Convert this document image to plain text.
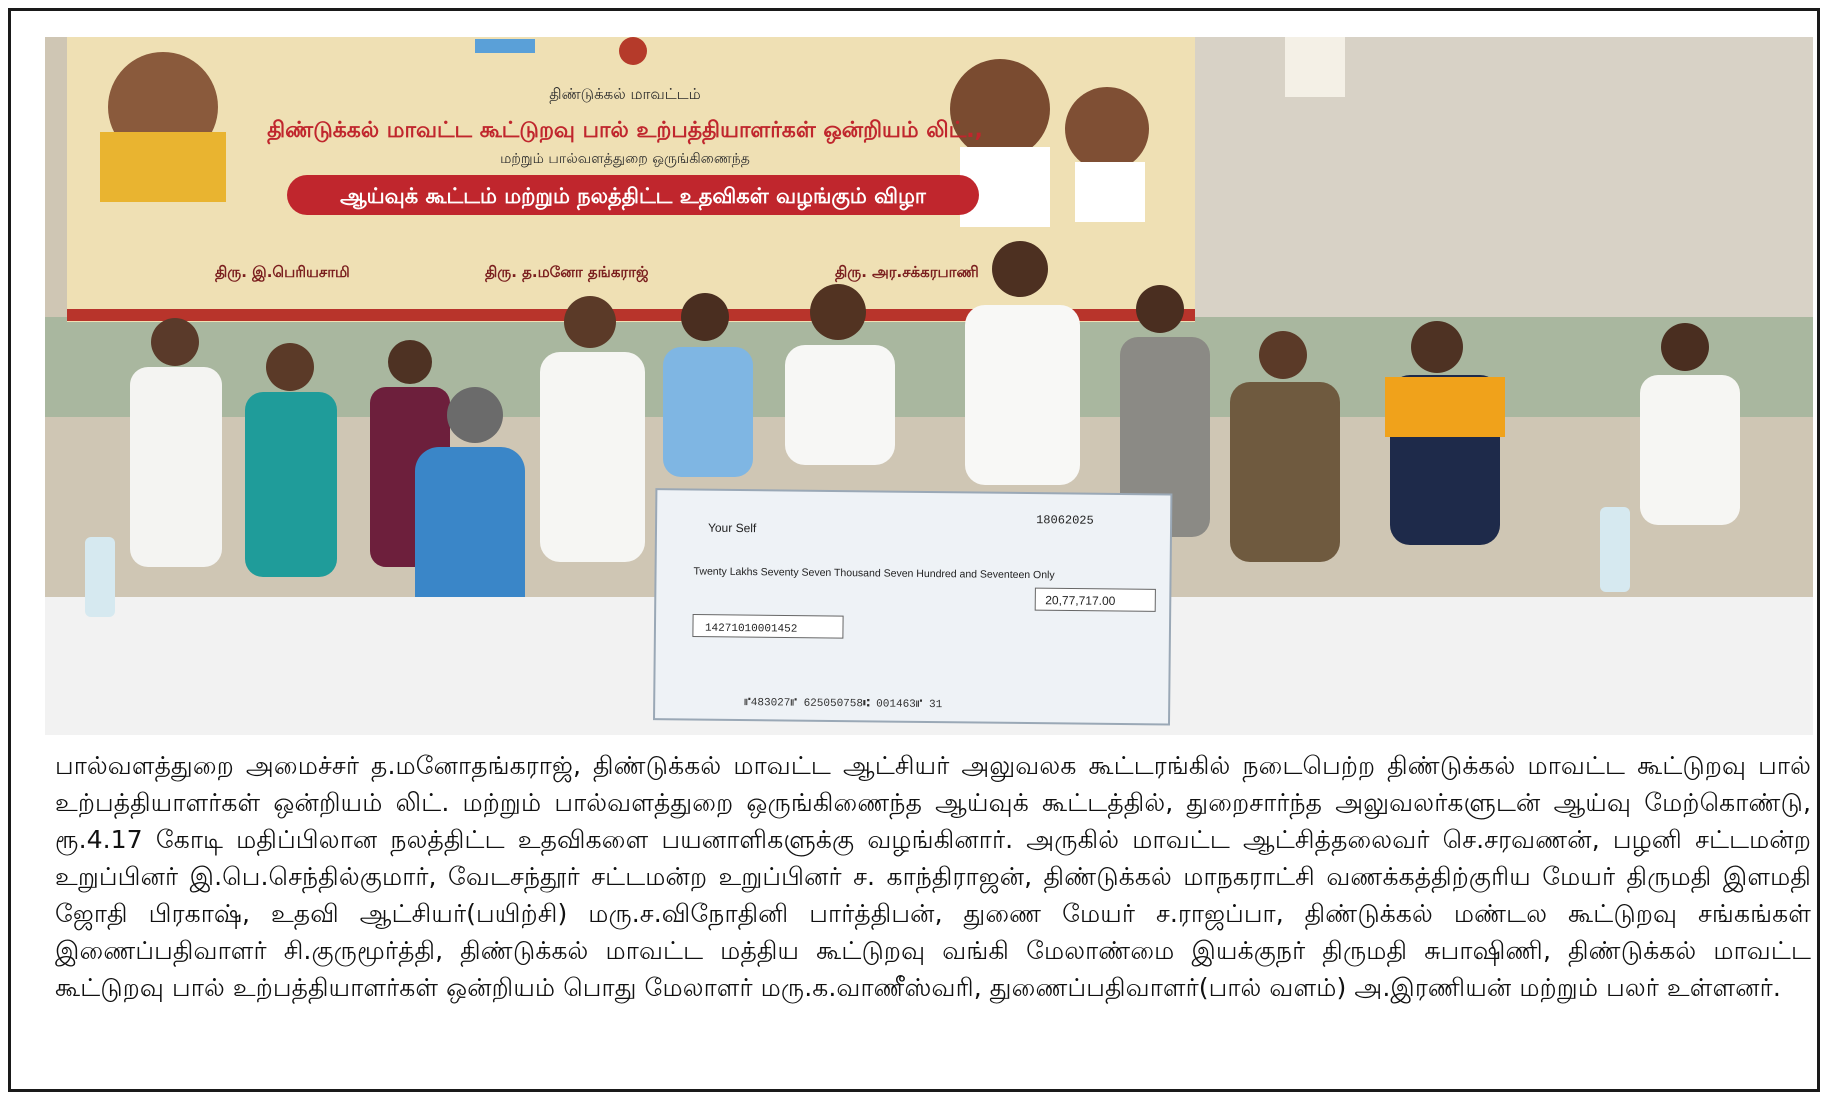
திண்டுக்கல் மாவட்டம்
திண்டுக்கல் மாவட்ட கூட்டுறவு பால் உற்பத்தியாளர்கள் ஒன்றியம் லிட்.,
மற்றும் பால்வளத்துறை ஒருங்கிணைந்த
ஆய்வுக் கூட்டம் மற்றும் நலத்திட்ட உதவிகள் வழங்கும் விழா
திரு. இ.பெரியசாமி	திரு. த.மனோ தங்கராஜ்	திரு. அர.சக்கரபாணி
Your Self
18062025
Twenty Lakhs Seventy Seven Thousand Seven Hundred and Seventeen Only
20,77,717.00
14271010001452
⑈483027⑈ 625050758⑆ 001463⑈ 31

பால்வளத்துறை அமைச்சர் த.மனோதங்கராஜ், திண்டுக்கல் மாவட்ட ஆட்சியர் அலுவலக கூட்டரங்கில் நடைபெற்ற திண்டுக்கல் மாவட்ட கூட்டுறவு பால் உற்பத்தியாளர்கள் ஒன்றியம் லிட். மற்றும் பால்வளத்துறை ஒருங்கிணைந்த ஆய்வுக் கூட்டத்தில், துறைசார்ந்த அலுவலர்களுடன் ஆய்வு மேற்கொண்டு, ரூ.4.17 கோடி மதிப்பிலான நலத்திட்ட உதவிகளை பயனாளிகளுக்கு வழங்கினார். அருகில் மாவட்ட ஆட்சித்தலைவர் செ.சரவணன், பழனி சட்டமன்ற உறுப்பினர் இ.பெ.செந்தில்குமார், வேடசந்தூர் சட்டமன்ற உறுப்பினர் ச. காந்திராஜன், திண்டுக்கல் மாநகராட்சி வணக்கத்திற்குரிய மேயர் திருமதி இளமதி ஜோதி பிரகாஷ், உதவி ஆட்சியர்(பயிற்சி) மரு.ச.விநோதினி பார்த்திபன், துணை மேயர் ச.ராஜப்பா, திண்டுக்கல் மண்டல கூட்டுறவு சங்கங்கள் இணைப்பதிவாளர் சி.குருமூர்த்தி, திண்டுக்கல் மாவட்ட மத்திய கூட்டுறவு வங்கி மேலாண்மை இயக்குநர் திருமதி சுபாஷிணி, திண்டுக்கல் மாவட்ட கூட்டுறவு பால் உற்பத்தியாளர்கள் ஒன்றியம் பொது மேலாளர் மரு.க.வாணீஸ்வரி, துணைப்பதிவாளர்(பால் வளம்) அ.இரணியன் மற்றும் பலர் உள்ளனர்.
